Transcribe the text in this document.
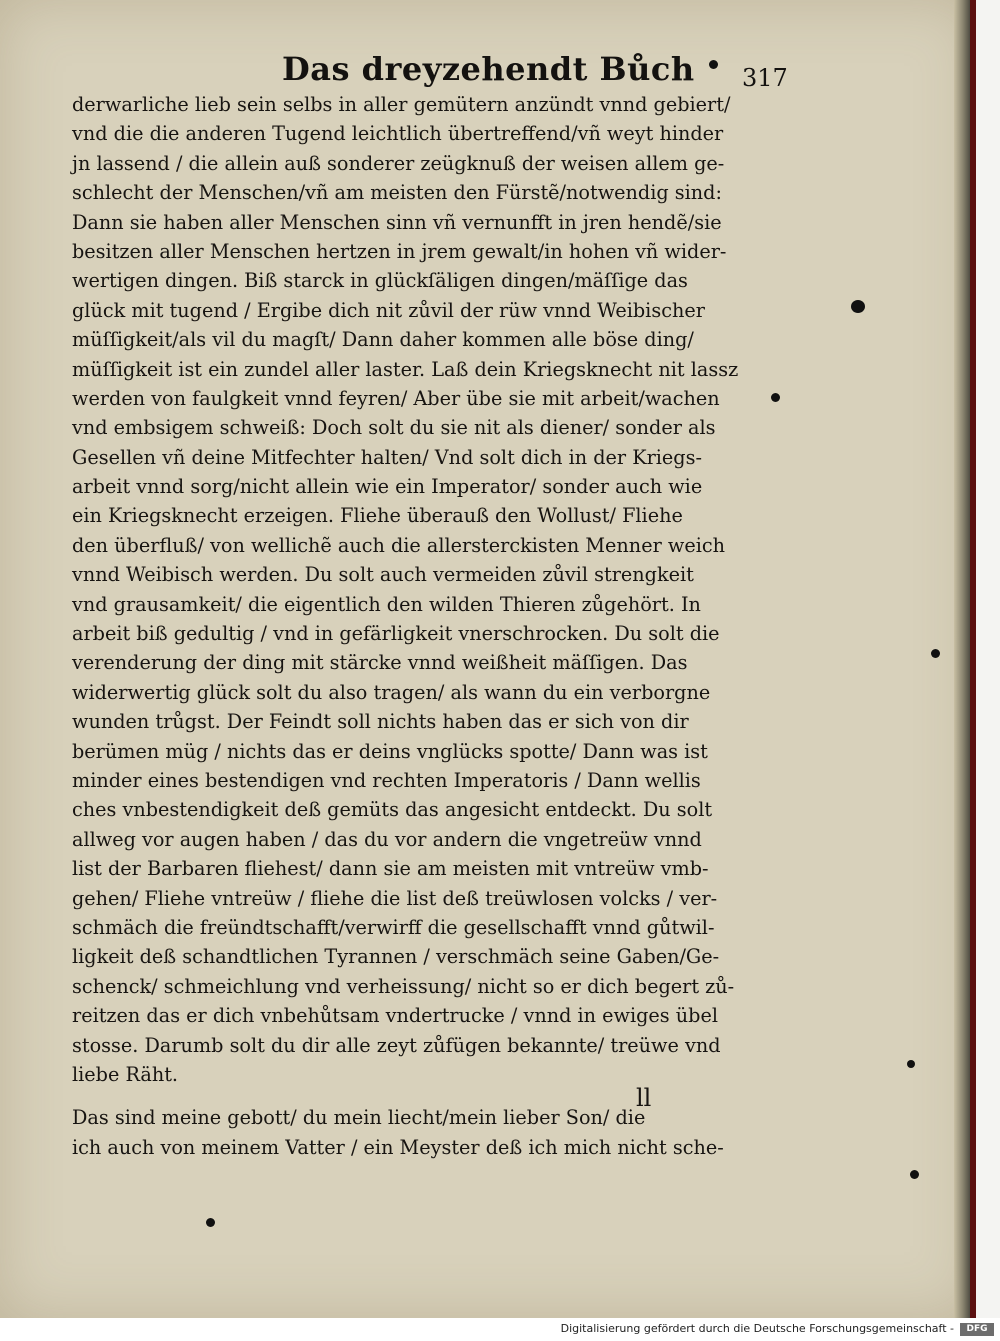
Das dreyzehendt Bůch 317
derwarliche lieb sein selbs in aller gemütern anzündt vnnd gebiert/
vnd die die anderen Tugend leichtlich übertreffend/vñ weyt hinder
jn lassend / die allein auß sonderer zeügknuß der weisen allem ge-
schlecht der Menschen/vñ am meisten den Fürstẽ/notwendig sind:
Dann sie haben aller Menschen sinn vñ vernunfft in jren hendẽ/sie
besitzen aller Menschen hertzen in jrem gewalt/in hohen vñ wider-
wertigen dingen. Biß starck in glückſäligen dingen/mäſſige das
glück mit tugend / Ergibe dich nit zůvil der rüw vnnd Weibischer
müſſigkeit/als vil du magſt/ Dann daher kommen alle böse ding/
müſſigkeit ist ein zundel aller laster. Laß dein Kriegsknecht nit lassz
werden von faulgkeit vnnd feyren/ Aber übe sie mit arbeit/wachen
vnd embsigem schweiß: Doch solt du sie nit als diener/ sonder als
Gesellen vñ deine Mitfechter halten/ Vnd solt dich in der Kriegs-
arbeit vnnd sorg/nicht allein wie ein Imperator/ sonder auch wie
ein Kriegsknecht erzeigen. Fliehe überauß den Wollust/ Fliehe
den überfluß/ von wellichẽ auch die allersterckisten Menner weich
vnnd Weibisch werden. Du solt auch vermeiden zůvil strengkeit
vnd grausamkeit/ die eigentlich den wilden Thieren zůgehört. In
arbeit biß gedultig / vnd in gefärligkeit vnerschrocken. Du solt die
verenderung der ding mit stärcke vnnd weißheit mäſſigen. Das
widerwertig glück solt du also tragen/ als wann du ein verborgne
wunden trůgst. Der Feindt soll nichts haben das er sich von dir
berümen müg / nichts das er deins vnglücks spotte/ Dann was ist
minder eines bestendigen vnd rechten Imperatoris / Dann wellis
ches vnbestendigkeit deß gemüts das angesicht entdeckt. Du solt
allweg vor augen haben / das du vor andern die vngetreüw vnnd
list der Barbaren fliehest/ dann sie am meisten mit vntreüw vmb-
gehen/ Fliehe vntreüw / fliehe die list deß treüwlosen volcks / ver-
schmäch die freündtschafft/verwirff die gesellschafft vnnd gůtwil-
ligkeit deß schandtlichen Tyrannen / verschmäch seine Gaben/Ge-
schenck/ schmeichlung vnd verheissung/ nicht so er dich begert zů-
reitzen das er dich vnbehůtsam vndertrucke / vnnd in ewiges übel
stosse. Darumb solt du dir alle zeyt zůfügen bekannte/ treüwe vnd
liebe Räht.
Das sind meine gebott/ du mein liecht/mein lieber Son/ die
ich auch von meinem Vatter / ein Meyster deß ich mich nicht sche-
ll
Digitalisierung gefördert durch die Deutsche Forschungsgemeinschaft -	DFG
